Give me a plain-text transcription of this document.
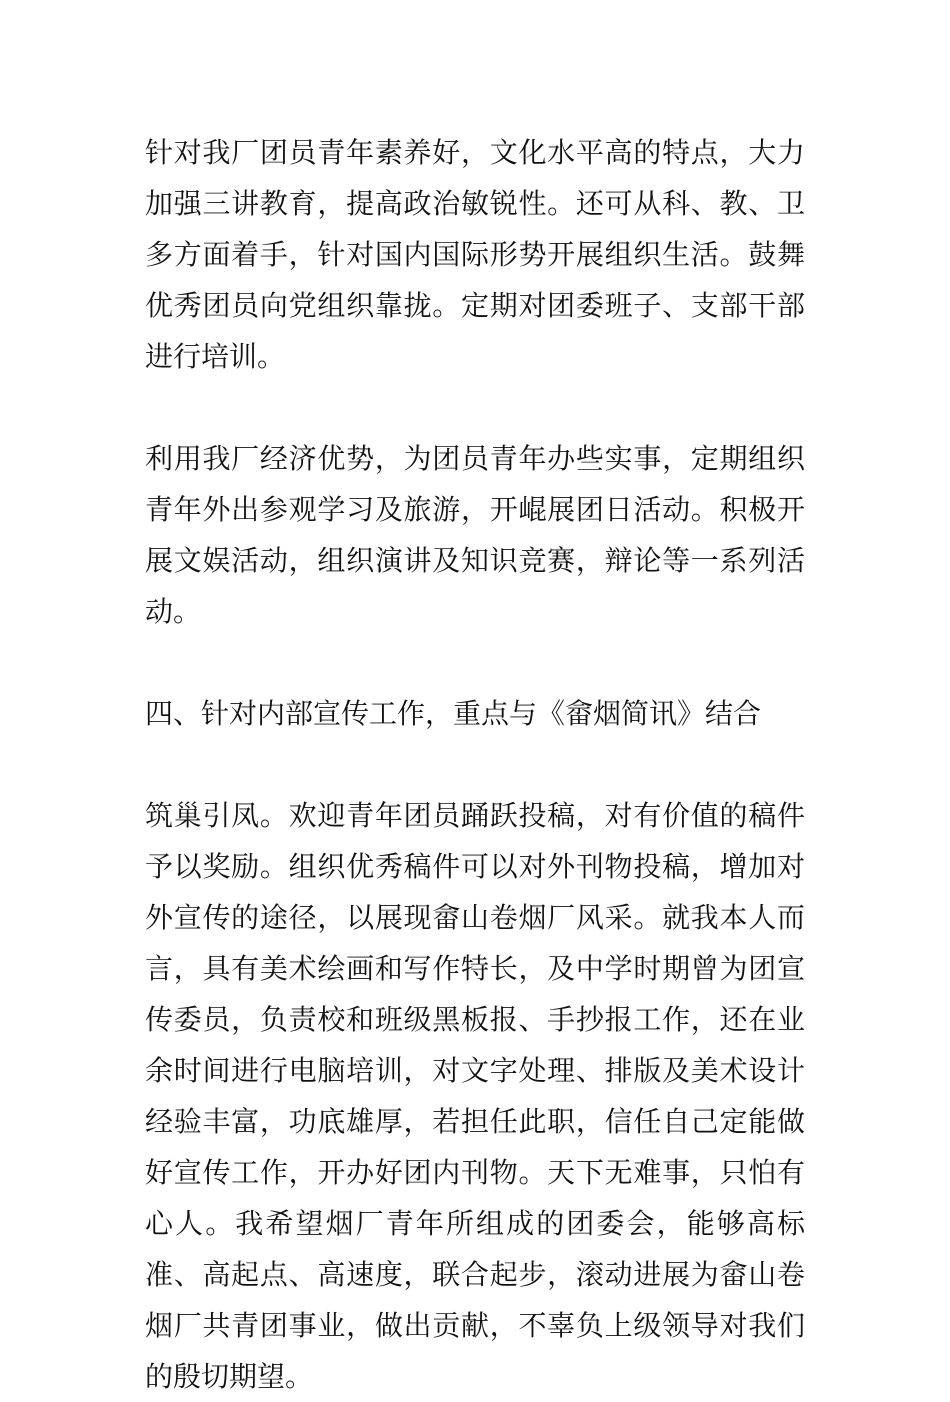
针对我厂团员青年素养好，文化水平高的特点，大力加强三讲教育，提高政治敏锐性。还可从科、教、卫多方面着手，针对国内国际形势开展组织生活。鼓舞优秀团员向党组织靠拢。定期对团委班子、支部干部进行培训。

利用我厂经济优势，为团员青年办些实事，定期组织青年外出参观学习及旅游，开崐展团日活动。积极开展文娱活动，组织演讲及知识竞赛，辩论等一系列活动。

四、针对内部宣传工作，重点与《畲烟简讯》结合

筑巢引凤。欢迎青年团员踊跃投稿，对有价值的稿件予以奖励。组织优秀稿件可以对外刊物投稿，增加对外宣传的途径，以展现畲山卷烟厂风采。就我本人而言，具有美术绘画和写作特长，及中学时期曾为团宣传委员，负责校和班级黑板报、手抄报工作，还在业余时间进行电脑培训，对文字处理、排版及美术设计经验丰富，功底雄厚，若担任此职，信任自己定能做好宣传工作，开办好团内刊物。天下无难事，只怕有心人。我希望烟厂青年所组成的团委会，能够高标准、高起点、高速度，联合起步，滚动进展为畲山卷烟厂共青团事业，做出贡献，不辜负上级领导对我们的殷切期望。
